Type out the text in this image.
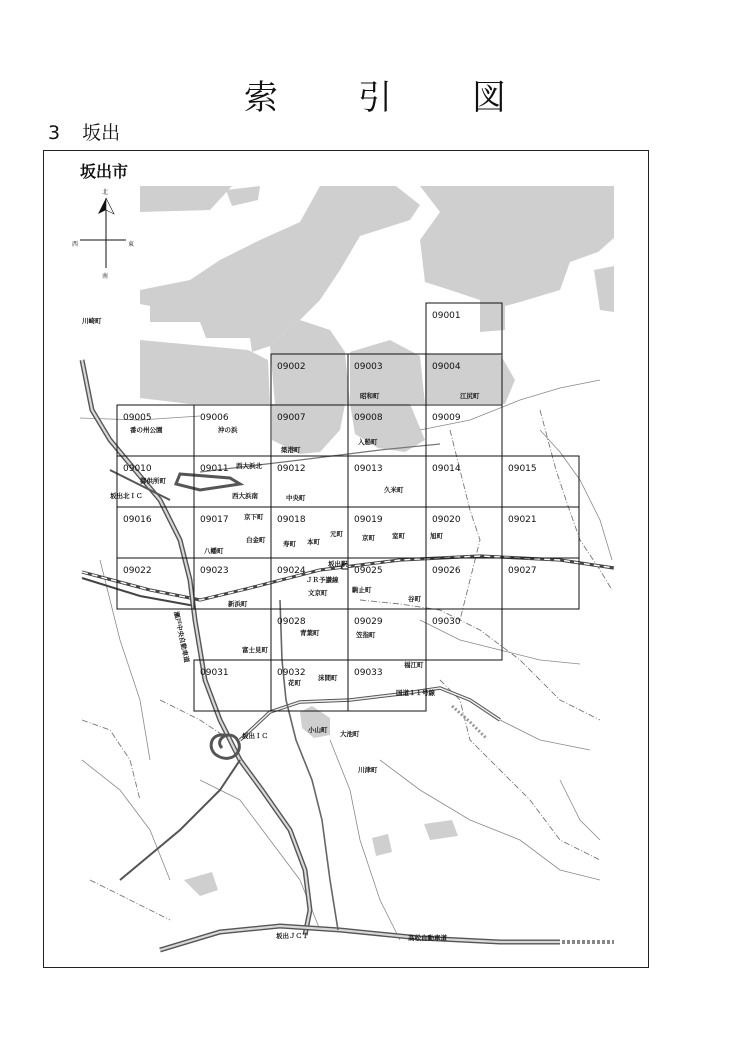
索 引 図
3 坂出
坂出市
北
南
東
西
09001
09002	09003	09004
09005	09006	09007	09008	09009
09010	09011	09012	09013	09014	09015
09016	09017	09018	09019	09020	09021
09022	09023	09024	09025	09026	09027
09028	09029	09030
09031	09032	09033
川崎町
昭和町	江尻町
番の州公園	沖の浜
築港町
入船町
御供所町
西大浜北
西大浜南	中央町
久米町
坂出北ＩＣ
京下町
白金町
八幡町
寿町 本町
元町	京町	室町	旭町
坂出駅
ＪＲ予讃線
文京町	駒止町
谷町
新浜町
青葉町	笠指町
富士見町
福江町
花町
沫間町
国道１１号線
坂出ＩＣ
小山町 大池町
川津町
高松自動車道
坂出ＪＣＴ
瀬戸中央自動車道
